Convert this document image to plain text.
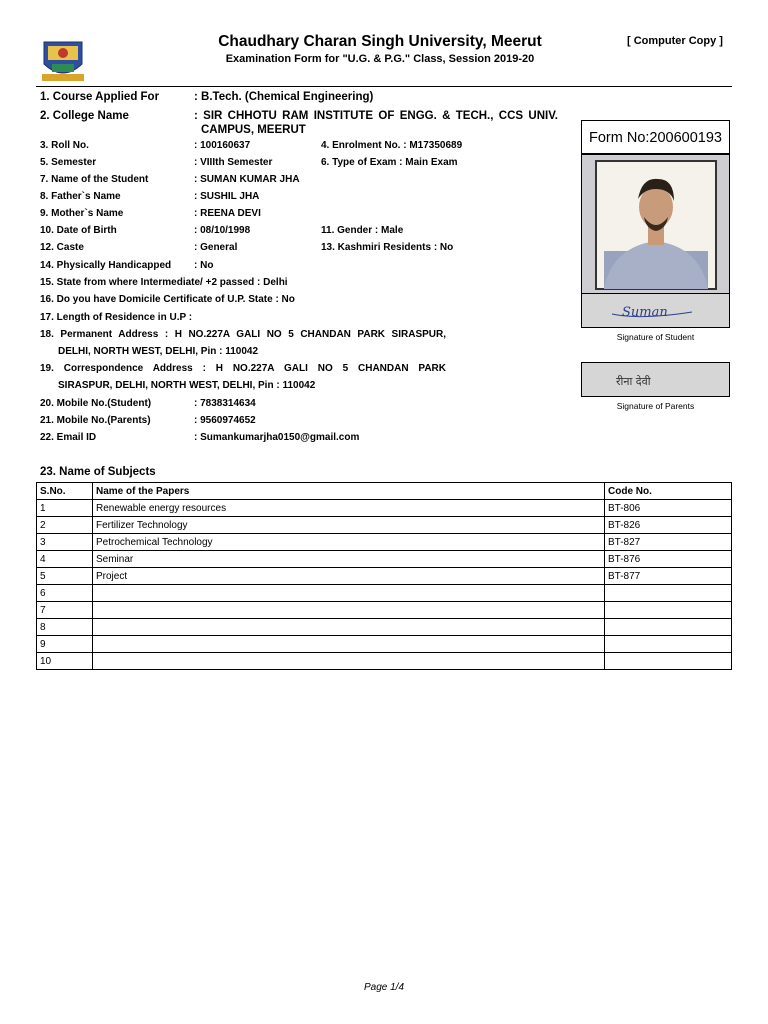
Chaudhary Charan Singh University, Meerut
Examination Form for "U.G. & P.G." Class, Session 2019-20
[ Computer Copy ]
1. Course Applied For	: B.Tech. (Chemical Engineering)
2. College Name	: SIR CHHOTU RAM INSTITUTE OF ENGG. & TECH., CCS UNIV.
CAMPUS, MEERUT
3. Roll No.	: 100160637	4. Enrolment No. : M17350689
5. Semester	: VIIIth Semester	6. Type of Exam : Main Exam
7. Name of the Student	: SUMAN KUMAR JHA
8. Father`s Name	: SUSHIL JHA
9. Mother`s Name	: REENA DEVI
10. Date of Birth	: 08/10/1998	11. Gender : Male
12. Caste	: General	13. Kashmiri Residents : No
14. Physically Handicapped : No
15. State from where Intermediate/ +2 passed : Delhi
16. Do you have Domicile Certificate of U.P. State : No
17. Length of Residence in U.P :
18. Permanent Address : H NO.227A GALI NO 5 CHANDAN PARK SIRASPUR,
DELHI, NORTH WEST, DELHI, Pin : 110042
19. Correspondence Address : H NO.227A GALI NO 5 CHANDAN PARK
SIRASPUR, DELHI, NORTH WEST, DELHI, Pin : 110042
20. Mobile No.(Student)	: 7838314634
21. Mobile No.(Parents)	: 9560974652
22. Email ID	: Sumankumarjha0150@gmail.com
Form No:200600193
Suman
Signature of Student
रीना देवी
Signature of Parents
23. Name of Subjects
S.No.	Name of the Papers	Code No.
1	Renewable energy resources	BT-806
2	Fertilizer Technology	BT-826
3	Petrochemical Technology	BT-827
4	Seminar	BT-876
5	Project	BT-877
6		
7		
8		
9		
10		
Page 1/4
